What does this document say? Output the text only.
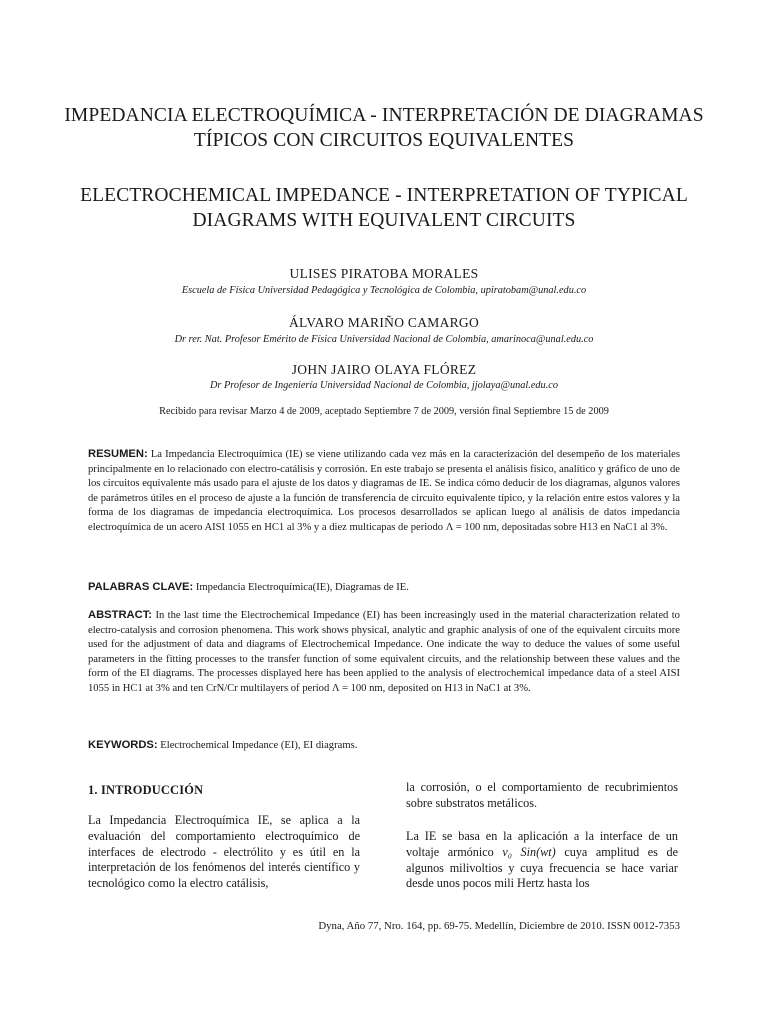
IMPEDANCIA ELECTROQUÍMICA - INTERPRETACIÓN DE DIAGRAMAS TÍPICOS CON CIRCUITOS EQUIVALENTES
ELECTROCHEMICAL IMPEDANCE - INTERPRETATION OF TYPICAL DIAGRAMS WITH EQUIVALENT CIRCUITS
ULISES PIRATOBA MORALES
Escuela de Física Universidad Pedagógica y Tecnológica de Colombia, upiratobam@unal.edu.co
ÁLVARO MARIÑO CAMARGO
Dr rer. Nat. Profesor Emérito de Física Universidad Nacional de Colombia, amarinoca@unal.edu.co
JOHN JAIRO OLAYA FLÓREZ
Dr Profesor de Ingeniería Universidad Nacional de Colombia, jjolaya@unal.edu.co
Recibido para revisar Marzo 4 de 2009, aceptado Septiembre 7 de 2009, versión final Septiembre 15 de 2009
RESUMEN: La Impedancia Electroquímica (IE) se viene utilizando cada vez más en la caracterización del desempeño de los materiales principalmente en lo relacionado con electro-catálisis y corrosión. En este trabajo se presenta el análisis físico, analítico y gráfico de uno de los circuitos equivalente más usado para el ajuste de los datos y diagramas de IE. Se indica cómo deducir de los diagramas, algunos valores de parámetros útiles en el proceso de ajuste a la función de transferencia de circuito equivalente típico, y la relación entre estos valores y la forma de los diagramas de impedancia electroquímica. Los procesos desarrollados se aplican luego al análisis de datos impedancia electroquímica de un acero AISI 1055 en HC1 al 3% y a diez multicapas de periodo Λ = 100 nm, depositadas sobre H13 en NaC1 al 3%.
PALABRAS CLAVE: Impedancia Electroquímica(IE), Diagramas de IE.
ABSTRACT: In the last time the Electrochemical Impedance (EI) has been increasingly used in the material characterization related to electro-catalysis and corrosion phenomena. This work shows physical, analytic and graphic analysis of one of the equivalent circuits more used for the adjustment of data and diagrams of Electrochemical Impedance. One indicate the way to deduce the values of some useful parameters in the fitting processes to the transfer function of some equivalent circuits, and the relationship between these values and the form of the EI diagrams. The processes displayed here has been applied to the analysis of electrochemical impedance data of a steel AISI 1055 in HC1 at 3% and ten CrN/Cr multilayers of period Λ = 100 nm, deposited on H13 in NaC1 at 3%.
KEYWORDS: Electrochemical Impedance (EI), EI diagrams.
1. INTRODUCCIÓN
La Impedancia Electroquímica IE, se aplica a la evaluación del comportamiento electroquímico de interfaces de electrodo - electrólito y es útil en la interpretación de los fenómenos del interés científico y tecnológico como la electro catálisis,
la corrosión, o el comportamiento de recubrimientos sobre substratos metálicos.
La IE se basa en la aplicación a la interface de un voltaje armónico v₀ Sin(wt) cuya amplitud es de algunos milivoltios y cuya frecuencia se hace variar desde unos pocos mili Hertz hasta los
Dyna, Año 77, Nro. 164, pp. 69-75. Medellín, Diciembre de 2010. ISSN 0012-7353
